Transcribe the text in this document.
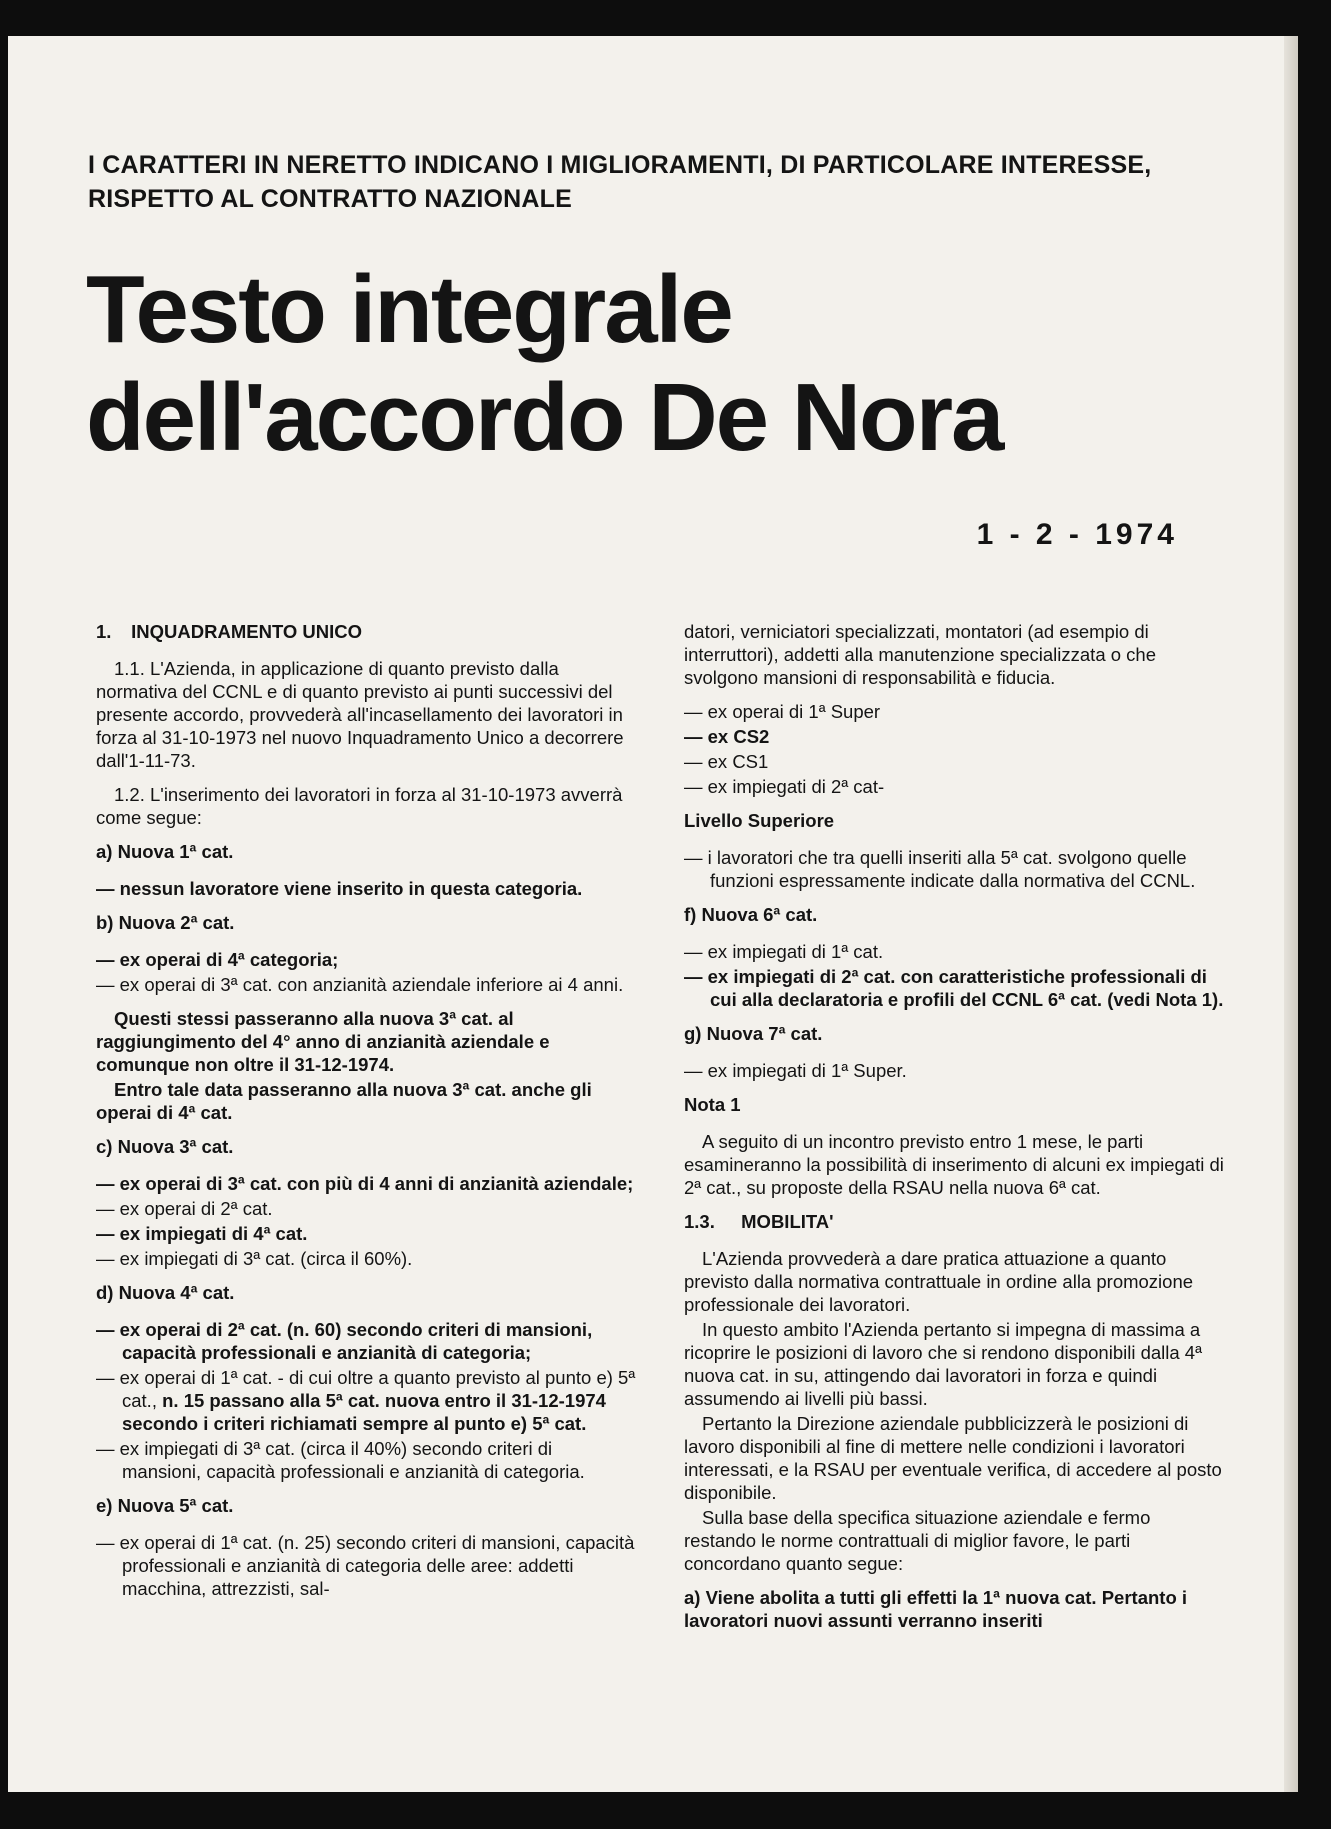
I CARATTERI IN NERETTO INDICANO I MIGLIORAMENTI, DI PARTICOLARE INTERESSE, RISPETTO AL CONTRATTO NAZIONALE

Testo integrale
dell'accordo De Nora
1 - 2 - 1974

1. INQUADRAMENTO UNICO

1.1. L'Azienda, in applicazione di quanto previsto dalla normativa del CCNL e di quanto previsto ai punti successivi del presente accordo, provvederà all'incasellamento dei lavoratori in forza al 31-10-1973 nel nuovo Inquadramento Unico a decorrere dall'1-11-73.

1.2. L'inserimento dei lavoratori in forza al 31-10-1973 avverrà come segue:

a) Nuova 1ª cat.

— nessun lavoratore viene inserito in questa categoria.

b) Nuova 2ª cat.

— ex operai di 4ª categoria;

— ex operai di 3ª cat. con anzianità aziendale inferiore ai 4 anni.

Questi stessi passeranno alla nuova 3ª cat. al raggiungimento del 4° anno di anzianità aziendale e comunque non oltre il 31-12-1974.

Entro tale data passeranno alla nuova 3ª cat. anche gli operai di 4ª cat.

c) Nuova 3ª cat.

— ex operai di 3ª cat. con più di 4 anni di anzianità aziendale;

— ex operai di 2ª cat.

— ex impiegati di 4ª cat.

— ex impiegati di 3ª cat. (circa il 60%).

d) Nuova 4ª cat.

— ex operai di 2ª cat. (n. 60) secondo criteri di mansioni, capacità professionali e anzianità di categoria;

— ex operai di 1ª cat. - di cui oltre a quanto previsto al punto e) 5ª cat., n. 15 passano alla 5ª cat. nuova entro il 31-12-1974 secondo i criteri richiamati sempre al punto e) 5ª cat.

— ex impiegati di 3ª cat. (circa il 40%) secondo criteri di mansioni, capacità professionali e anzianità di categoria.

e) Nuova 5ª cat.

— ex operai di 1ª cat. (n. 25) secondo criteri di mansioni, capacità professionali e anzianità di categoria delle aree: addetti macchina, attrezzisti, sal-

datori, verniciatori specializzati, montatori (ad esempio di interruttori), addetti alla manutenzione specializzata o che svolgono mansioni di responsabilità e fiducia.

— ex operai di 1ª Super

— ex CS2

— ex CS1

— ex impiegati di 2ª cat-

Livello Superiore

— i lavoratori che tra quelli inseriti alla 5ª cat. svolgono quelle funzioni espressamente indicate dalla normativa del CCNL.

f) Nuova 6ª cat.

— ex impiegati di 1ª cat.

— ex impiegati di 2ª cat. con caratteristiche professionali di cui alla declaratoria e profili del CCNL 6ª cat. (vedi Nota 1).

g) Nuova 7ª cat.

— ex impiegati di 1ª Super.

Nota 1

A seguito di un incontro previsto entro 1 mese, le parti esamineranno la possibilità di inserimento di alcuni ex impiegati di 2ª cat., su proposte della RSAU nella nuova 6ª cat.

1.3. MOBILITA'

L'Azienda provvederà a dare pratica attuazione a quanto previsto dalla normativa contrattuale in ordine alla promozione professionale dei lavoratori.

In questo ambito l'Azienda pertanto si impegna di massima a ricoprire le posizioni di lavoro che si rendono disponibili dalla 4ª nuova cat. in su, attingendo dai lavoratori in forza e quindi assumendo ai livelli più bassi.

Pertanto la Direzione aziendale pubblicizzerà le posizioni di lavoro disponibili al fine di mettere nelle condizioni i lavoratori interessati, e la RSAU per eventuale verifica, di accedere al posto disponibile.

Sulla base della specifica situazione aziendale e fermo restando le norme contrattuali di miglior favore, le parti concordano quanto segue:

a) Viene abolita a tutti gli effetti la 1ª nuova cat. Pertanto i lavoratori nuovi assunti verranno inseriti
